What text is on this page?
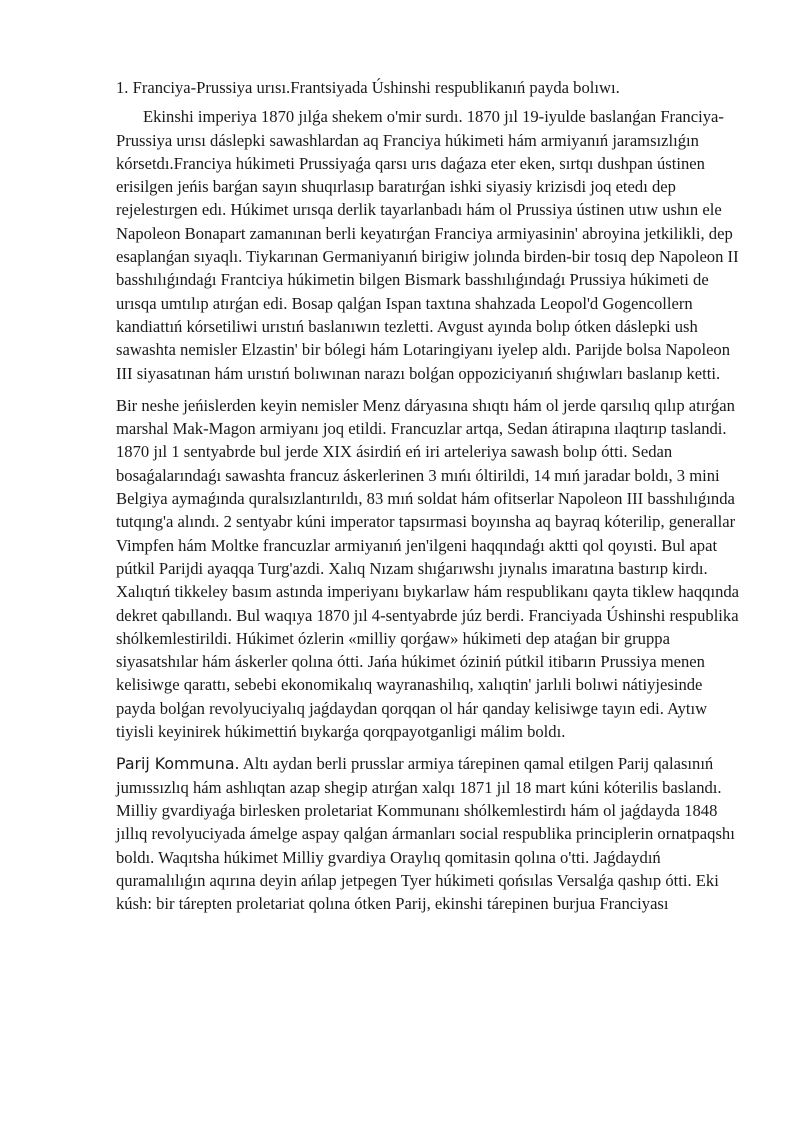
1. Franciya-Prussiya urısı.Frantsiyada Úshinshi respublikanıń payda bolıwı.

Ekinshi imperiya 1870 jılǵa shekem o'mir surdı. 1870 jıl 19-iyulde baslanǵan Franciya-Prussiya urısı dáslepki sawashlardan aq Franciya húkimeti hám armiyanıń jaramsızlıǵın kórsetdı.Franciya húkimeti Prussiyaǵa qarsı urıs daǵaza eter eken, sırtqı dushpan ústinen erisilgen jeńis barǵan sayın shuqırlasıp baratırǵan ishki siyasiy krizisdi joq etedı dep rejelestırgen edı. Húkimet urısqa derlik tayarlanbadı hám ol Prussiya ústinen utıw ushın ele Napoleon Bonapart zamanınan berli keyatırǵan Franciya armiyasinin' abroyina jetkilikli, dep esaplanǵan sıyaqlı. Tiykarınan Germaniyanıń birigiw jolında birden-bir tosıq dep Napoleon II basshılıǵındaǵı Frantciya húkimetin bilgen Bismark basshılıǵındaǵı Prussiya húkimeti de urısqa umtılıp atırǵan edi. Bosap qalǵan Ispan taxtına shahzada Leopol'd Gogencollern kandiattıń kórsetiliwi urıstıń baslanıwın tezletti. Avgust ayında bolıp ótken dáslepki ush sawashta nemisler Elzastin' bir bólegi hám Lotaringiyanı iyelep aldı. Parijde bolsa Napoleon III siyasatınan hám urıstıń bolıwınan narazı bolǵan oppoziciyanıń shıǵıwları baslanıp ketti.

Bir neshe jeńislerden keyin nemisler Menz dáryasına shıqtı hám ol jerde qarsılıq qılıp atırǵan marshal Mak-Magon armiyanı joq etildi. Francuzlar artqa, Sedan átirapına ılaqtırıp taslandi. 1870 jıl 1 sentyabrde bul jerde XIX ásirdiń eń iri arteleriya sawash bolıp ótti. Sedan bosaǵalarındaǵı sawashta francuz áskerlerinen 3 mıńı óltirildi, 14 mıń jaradar boldı, 3 mini Belgiya aymaǵında quralsızlantırıldı, 83 mıń soldat hám ofitserlar Napoleon III basshılıǵında tutqıng'a alındı. 2 sentyabr kúni imperator tapsırmasi boyınsha aq bayraq kóterilip, generallar Vimpfen hám Moltke francuzlar armiyanıń jen'ilgeni haqqındaǵı aktti qol qoyısti. Bul apat pútkil Parijdi ayaqqa Turg'azdi. Xalıq Nızam shıǵarıwshı jıynalıs imaratına bastırıp kirdı. Xalıqtıń tikkeley basım astında imperiyanı bıykarlaw hám respublikanı qayta tiklew haqqında dekret qabıllandı. Bul waqıya 1870 jıl 4-sentyabrde júz berdi. Franciyada Úshinshi respublika shólkemlestirildi. Húkimet ózlerin «milliy qorǵaw» húkimeti dep ataǵan bir gruppa siyasatshılar hám áskerler qolına ótti. Jańa húkimet óziniń pútkil itibarın Prussiya menen kelisiwge qarattı, sebebi ekonomikalıq wayranashilıq, xalıqtin' jarlıli bolıwi nátiyjesinde payda bolǵan revolyuciyalıq jaǵdaydan qorqqan ol hár qanday kelisiwge tayın edi. Aytıw tiyisli keyinirek húkimettiń bıykarǵa qorqpayotganligi málim boldı.

Parij Kommuna. Altı aydan berli prusslar armiya tárepinen qamal etilgen Parij qalasınıń jumıssızlıq hám ashlıqtan azap shegip atırǵan xalqı 1871 jıl 18 mart kúni kóterilis baslandı. Milliy gvardiyaǵa birlesken proletariat Kommunanı shólkemlestirdı hám ol jaǵdayda 1848 jıllıq revolyuciyada ámelge aspay qalǵan ármanları social respublika principlerin ornatpaqshı boldı. Waqıtsha húkimet Milliy gvardiya Oraylıq qomitasin qolına o'tti. Jaǵdaydıń quramalılıǵın aqırına deyin ańlap jetpegen Tyer húkimeti qońsılas Versalǵa qashıp ótti. Eki kúsh: bir tárepten proletariat qolına ótken Parij, ekinshi tárepinen burjua Franciyası
